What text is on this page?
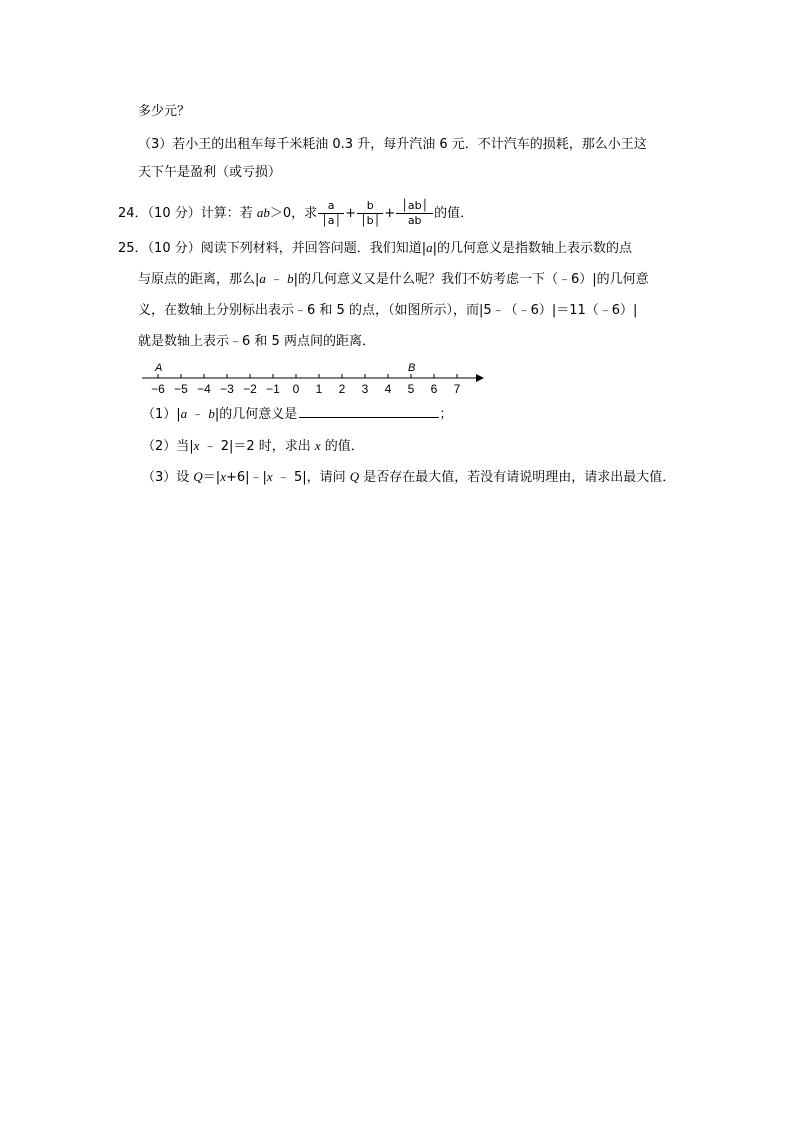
多少元？
（3）若小王的出租车每千米耗油 0.3 升，每升汽油 6 元．不计汽车的损耗，那么小王这
天下午是盈利（或亏损）
24．（10 分）计算：若 ab＞0，求 $\frac{a}{│a│} + \frac{b}{│b│} + \frac{│ab│}{ab}$ 的值．
25．（10 分）阅读下列材料，并回答问题．我们知道|a|的几何意义是指数轴上表示数的点
与原点的距离，那么|a ﹣ b|的几何意义又是什么呢？我们不妨考虑一下（﹣6）|的几何意
义，在数轴上分别标出表示﹣6 和 5 的点，（如图所示），而|5﹣（﹣6）|＝11（﹣6）|
就是数轴上表示﹣6 和 5 两点间的距离．
−6 −5 −4 −3 −2 −1 0 1 2 3 4 5 6 7
A	B
（1）|a ﹣ b|的几何意义是	；
（2）当|x ﹣ 2|＝2 时，求出 x 的值．
（3）设 Q＝|x+6|﹣|x ﹣ 5|，请问 Q 是否存在最大值，若没有请说明理由，请求出最大值．
